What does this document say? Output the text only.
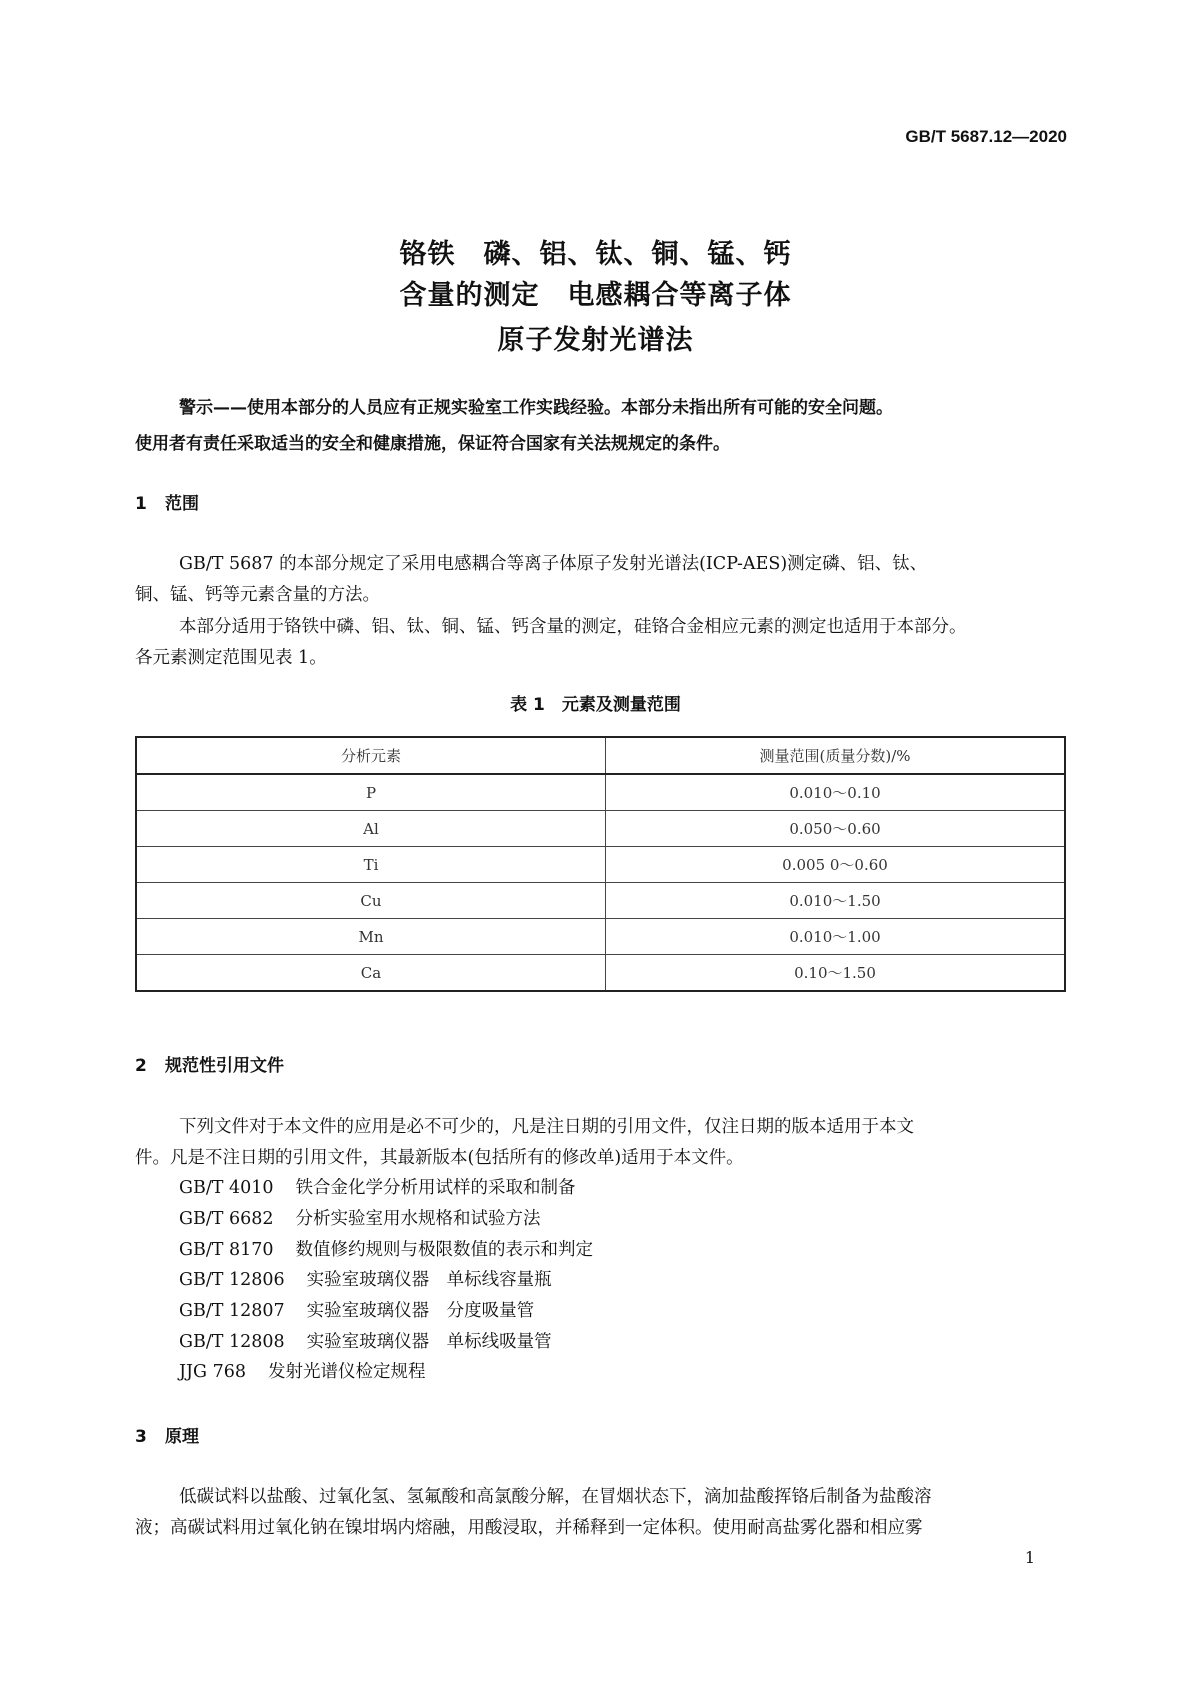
GB/T 5687.12—2020
铬铁　磷、铝、钛、铜、锰、钙
含量的测定　电感耦合等离子体
原子发射光谱法
警示——使用本部分的人员应有正规实验室工作实践经验。本部分未指出所有可能的安全问题。
使用者有责任采取适当的安全和健康措施，保证符合国家有关法规规定的条件。
1 范围
GB/T 5687 的本部分规定了采用电感耦合等离子体原子发射光谱法(ICP-AES)测定磷、铝、钛、
铜、锰、钙等元素含量的方法。
本部分适用于铬铁中磷、铝、钛、铜、锰、钙含量的测定，硅铬合金相应元素的测定也适用于本部分。
各元素测定范围见表 1。
表 1　元素及测量范围
分析元素	测量范围(质量分数)/%
P	0.010～0.10
Al	0.050～0.60
Ti	0.005 0～0.60
Cu	0.010～1.50
Mn	0.010～1.00
Ca	0.10～1.50
2 规范性引用文件
下列文件对于本文件的应用是必不可少的，凡是注日期的引用文件，仅注日期的版本适用于本文
件。凡是不注日期的引用文件，其最新版本(包括所有的修改单)适用于本文件。
GB/T 4010 铁合金化学分析用试样的采取和制备
GB/T 6682 分析实验室用水规格和试验方法
GB/T 8170 数值修约规则与极限数值的表示和判定
GB/T 12806 实验室玻璃仪器　单标线容量瓶
GB/T 12807 实验室玻璃仪器　分度吸量管
GB/T 12808 实验室玻璃仪器　单标线吸量管
JJG 768 发射光谱仪检定规程
3 原理
低碳试料以盐酸、过氧化氢、氢氟酸和高氯酸分解，在冒烟状态下，滴加盐酸挥铬后制备为盐酸溶
液；高碳试料用过氧化钠在镍坩埚内熔融，用酸浸取，并稀释到一定体积。使用耐高盐雾化器和相应雾
1
